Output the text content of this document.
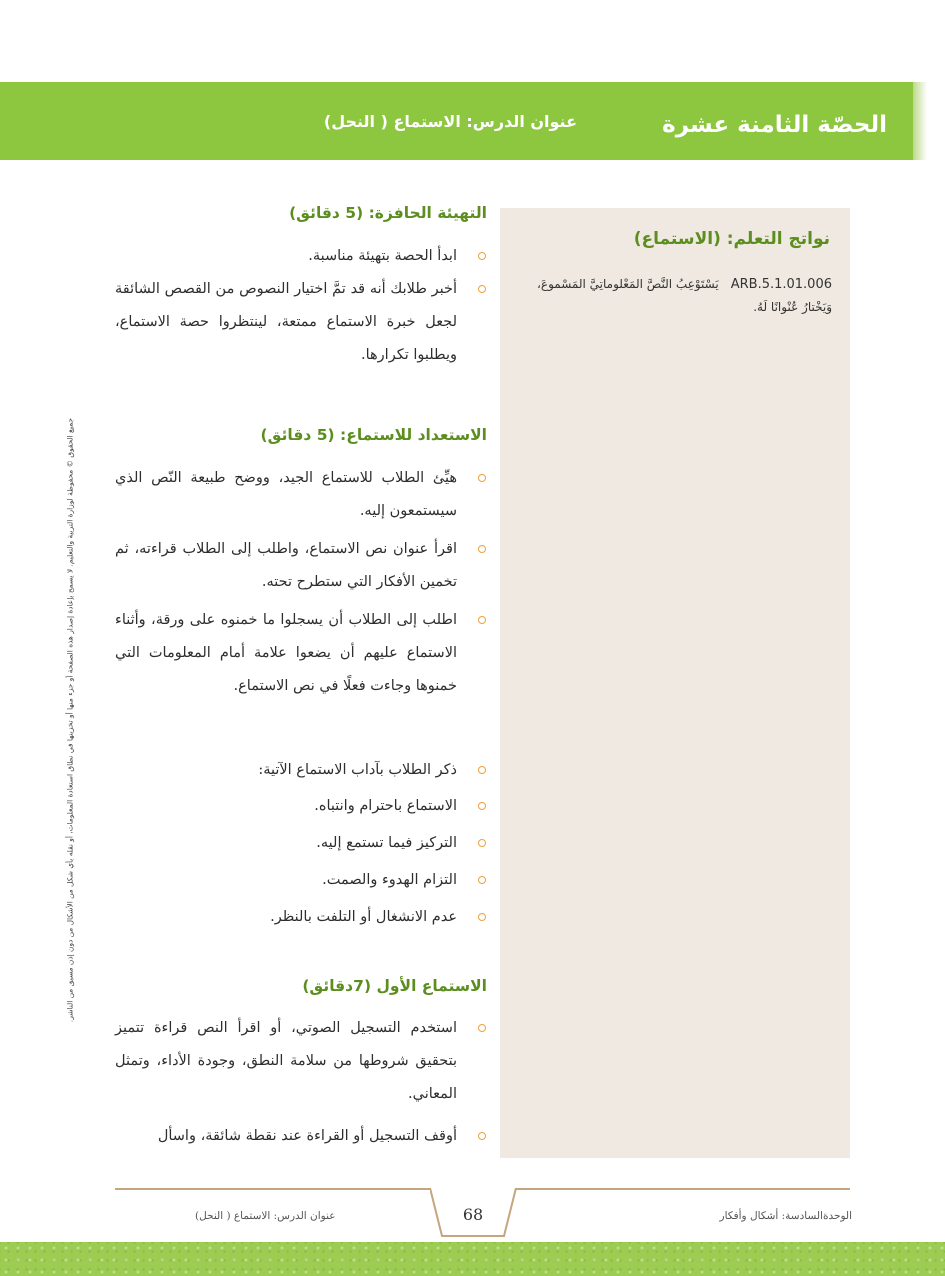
الحصّة الثامنة عشرة
عنوان الدرس: الاستماع ( النحل)
جميع الحقوق © محفوظة لوزارة التربية والتعليم. لا يسمح بإعادة إصدار هذه الصفحة أو جزء منها أو تخزينها في نطاق استعادة المعلومات، أو نقله بأي شكل من الأشكال من دون إذن مسبق من الناشر.
نواتج التعلم: (الاستماع)
ARB.5.1.01.006يَسْتَوْعِبُ النَّصَّ المَعْلوماتِيَّ المَسْموعَ، وَيَخْتارُ عُنْوانًا لَهُ.
التهيئة الحافزة: (5 دقائق)
ابدأ الحصة بتهيئة مناسبة.
أخبر طلابك أنه قد تمَّ اختيار النصوص من القصص الشائقة لجعل خبرة الاستماع ممتعة، لينتظروا حصة الاستماع، ويطلبوا تكرارها.
الاستعداد للاستماع: (5 دقائق)
هيِّئ الطلاب للاستماع الجيد، ووضح طبيعة النّص الذي سيستمعون إليه.
اقرأ عنوان نص الاستماع، واطلب إلى الطلاب قراءته، ثم تخمين الأفكار التي ستطرح تحته.
اطلب إلى الطلاب أن يسجلوا ما خمنوه على ورقة، وأثناء الاستماع عليهم أن يضعوا علامة أمام المعلومات التي خمنوها وجاءت فعلًا في نص الاستماع.
ذكر الطلاب بآداب الاستماع الآتية:
الاستماع باحترام وانتباه.
التركيز فيما تستمع إليه.
التزام الهدوء والصمت.
عدم الانشغال أو التلفت بالنظر.
الاستماع الأول (7دقائق)
استخدم التسجيل الصوتي، أو اقرأ النص قراءة تتميز بتحقيق شروطها من سلامة النطق، وجودة الأداء، وتمثل المعاني.
أوقف التسجيل أو القراءة عند نقطة شائقة، واسأل
68	الوحدةالسادسة: أشكال وأفكار
عنوان الدرس: الاستماع ( النحل)
